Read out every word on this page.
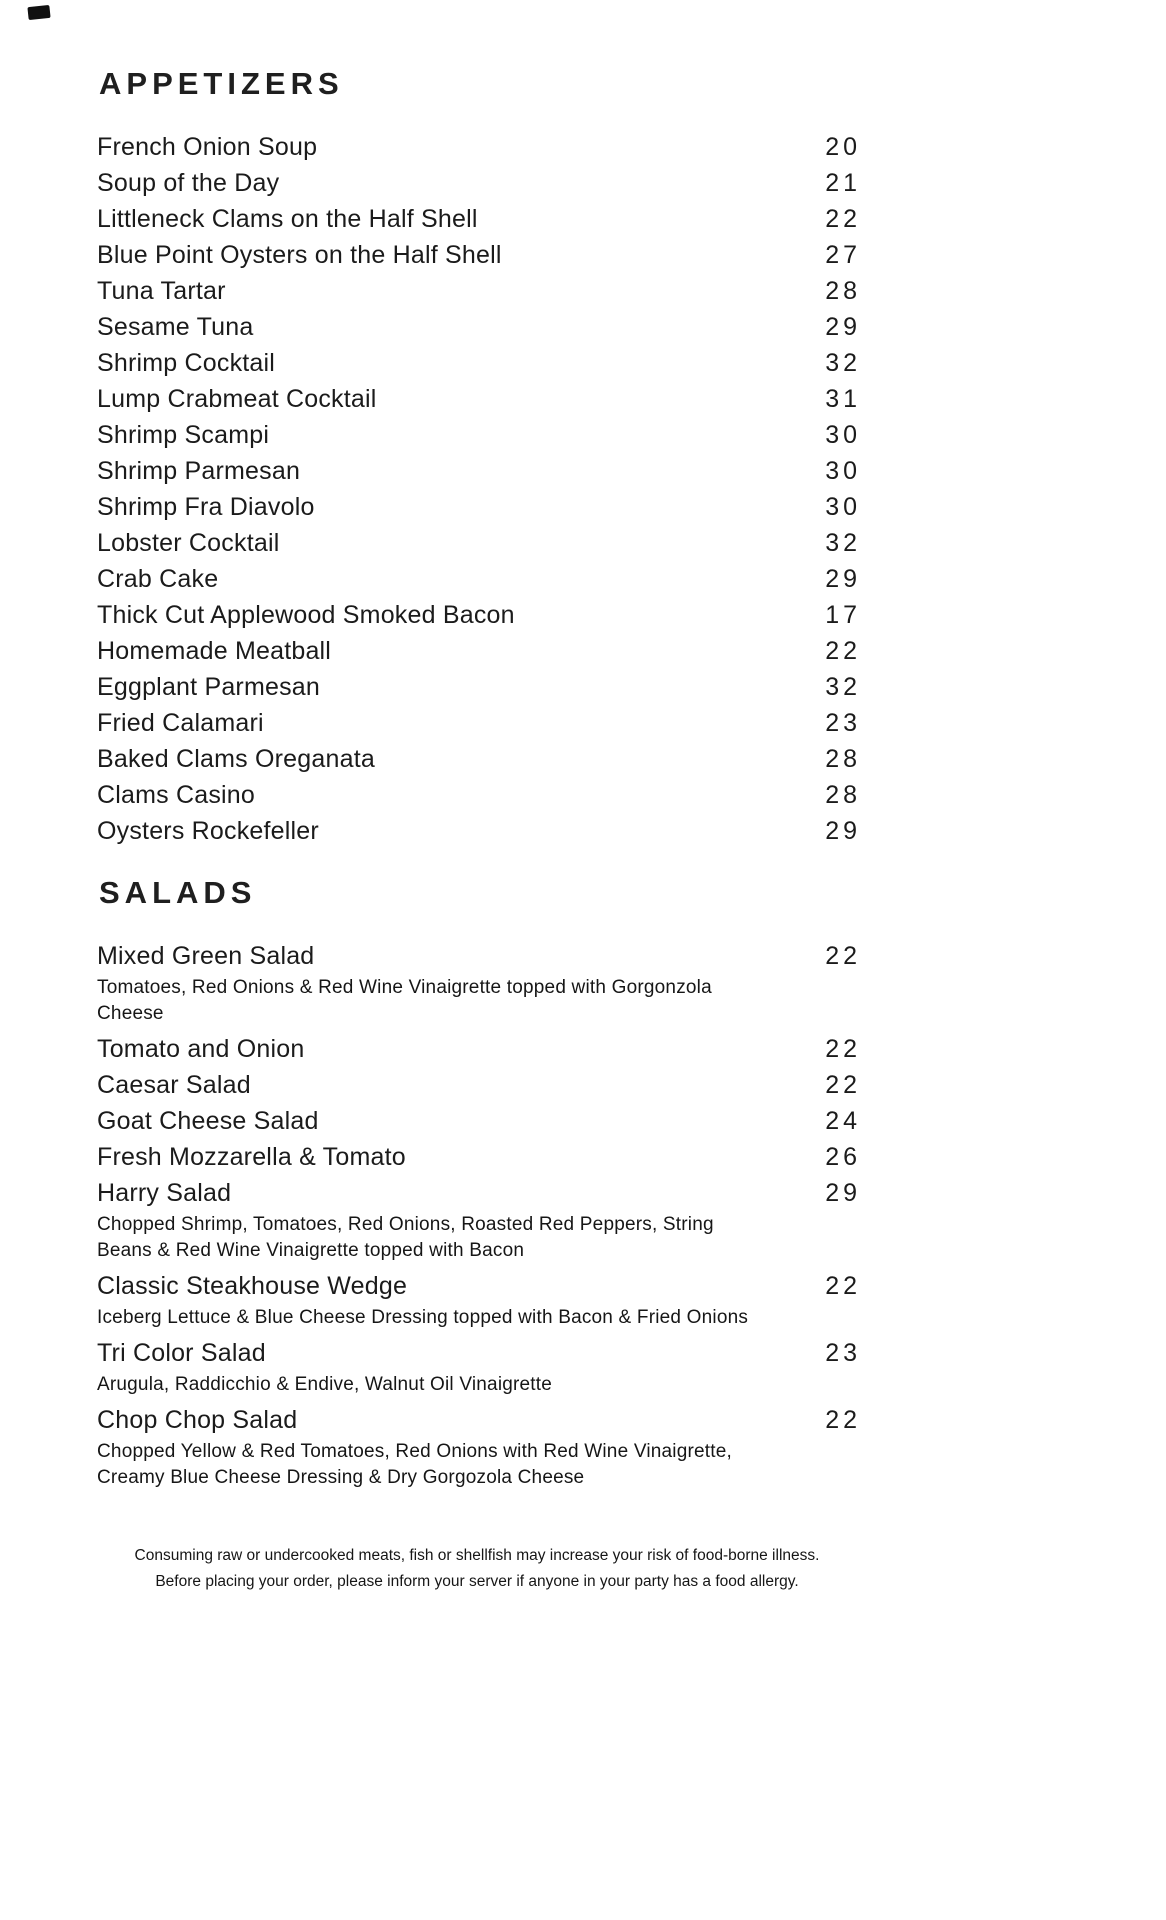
APPETIZERS
French Onion Soup	20
Soup of the Day	21
Littleneck Clams on the Half Shell	22
Blue Point Oysters on the Half Shell	27
Tuna Tartar	28
Sesame Tuna	29
Shrimp Cocktail	32
Lump Crabmeat Cocktail	31
Shrimp Scampi	30
Shrimp Parmesan	30
Shrimp Fra Diavolo	30
Lobster Cocktail	32
Crab Cake	29
Thick Cut Applewood Smoked Bacon	17
Homemade Meatball	22
Eggplant Parmesan	32
Fried Calamari	23
Baked Clams Oreganata	28
Clams Casino	28
Oysters Rockefeller	29
SALADS
Mixed Green Salad	22
Tomatoes, Red Onions & Red Wine Vinaigrette topped with Gorgonzola Cheese
Tomato and Onion	22
Caesar Salad	22
Goat Cheese Salad	24
Fresh Mozzarella & Tomato	26
Harry Salad	29
Chopped Shrimp, Tomatoes, Red Onions, Roasted Red Peppers, String Beans & Red Wine Vinaigrette topped with Bacon
Classic Steakhouse Wedge	22
Iceberg Lettuce & Blue Cheese Dressing topped with Bacon & Fried Onions
Tri Color Salad	23
Arugula, Raddicchio & Endive, Walnut Oil Vinaigrette
Chop Chop Salad	22
Chopped Yellow & Red Tomatoes, Red Onions with Red Wine Vinaigrette, Creamy Blue Cheese Dressing & Dry Gorgozola Cheese
Consuming raw or undercooked meats, fish or shellfish may increase your risk of food-borne illness.
Before placing your order, please inform your server if anyone in your party has a food allergy.
